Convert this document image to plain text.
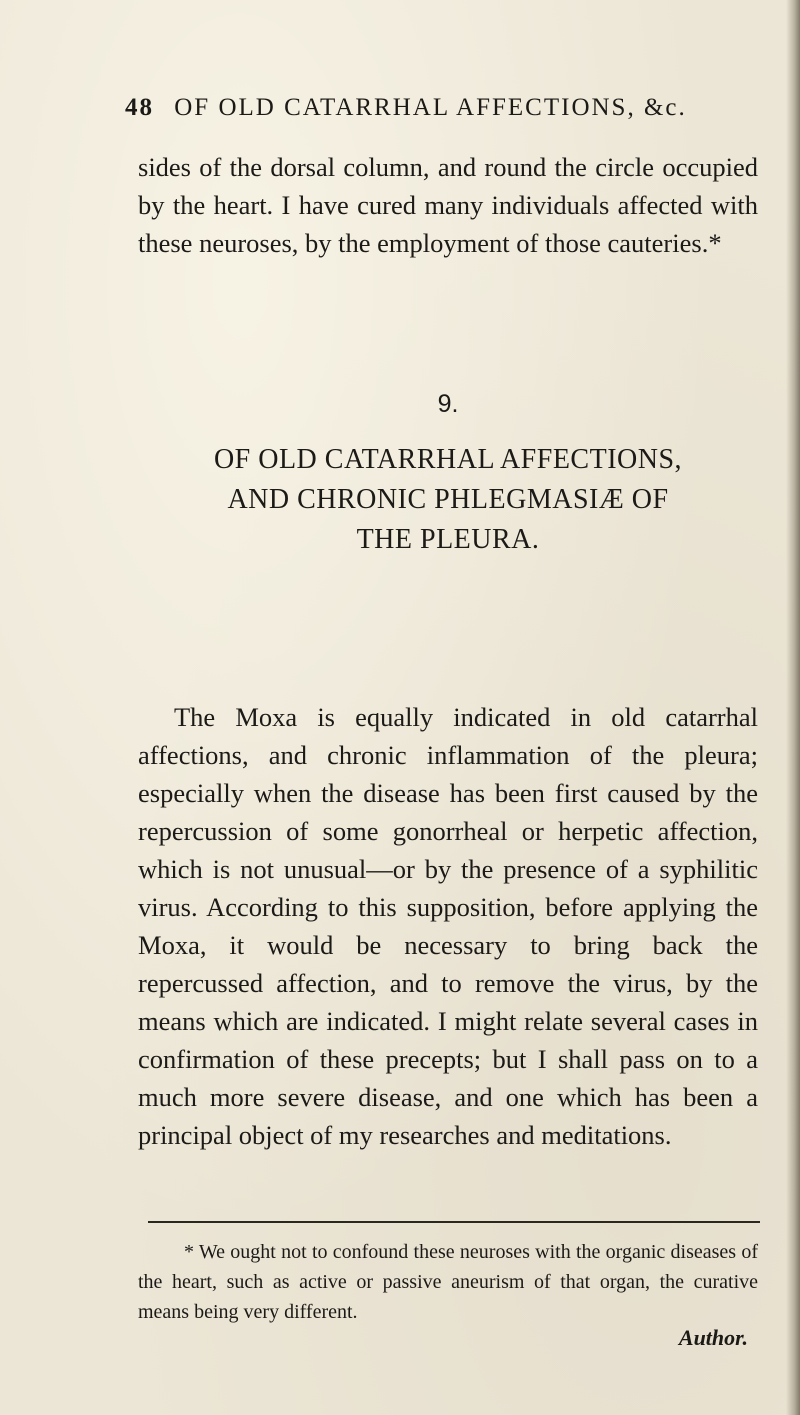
48 OF OLD CATARRHAL AFFECTIONS, &c.
sides of the dorsal column, and round the circle occupied by the heart. I have cured many individuals affected with these neuroses, by the employment of those cauteries.*
9.
OF OLD CATARRHAL AFFECTIONS,
AND CHRONIC PHLEGMASIÆ OF
THE PLEURA.
The Moxa is equally indicated in old catarrhal affections, and chronic inflammation of the pleura; especially when the disease has been first caused by the repercussion of some gonorrheal or herpetic affection, which is not unusual—or by the presence of a syphilitic virus. According to this supposition, before applying the Moxa, it would be necessary to bring back the repercussed affection, and to remove the virus, by the means which are indicated. I might relate several cases in confirmation of these precepts; but I shall pass on to a much more severe disease, and one which has been a principal object of my researches and meditations.
* We ought not to confound these neuroses with the organic diseases of the heart, such as active or passive aneurism of that organ, the curative means being very different.
Author.
